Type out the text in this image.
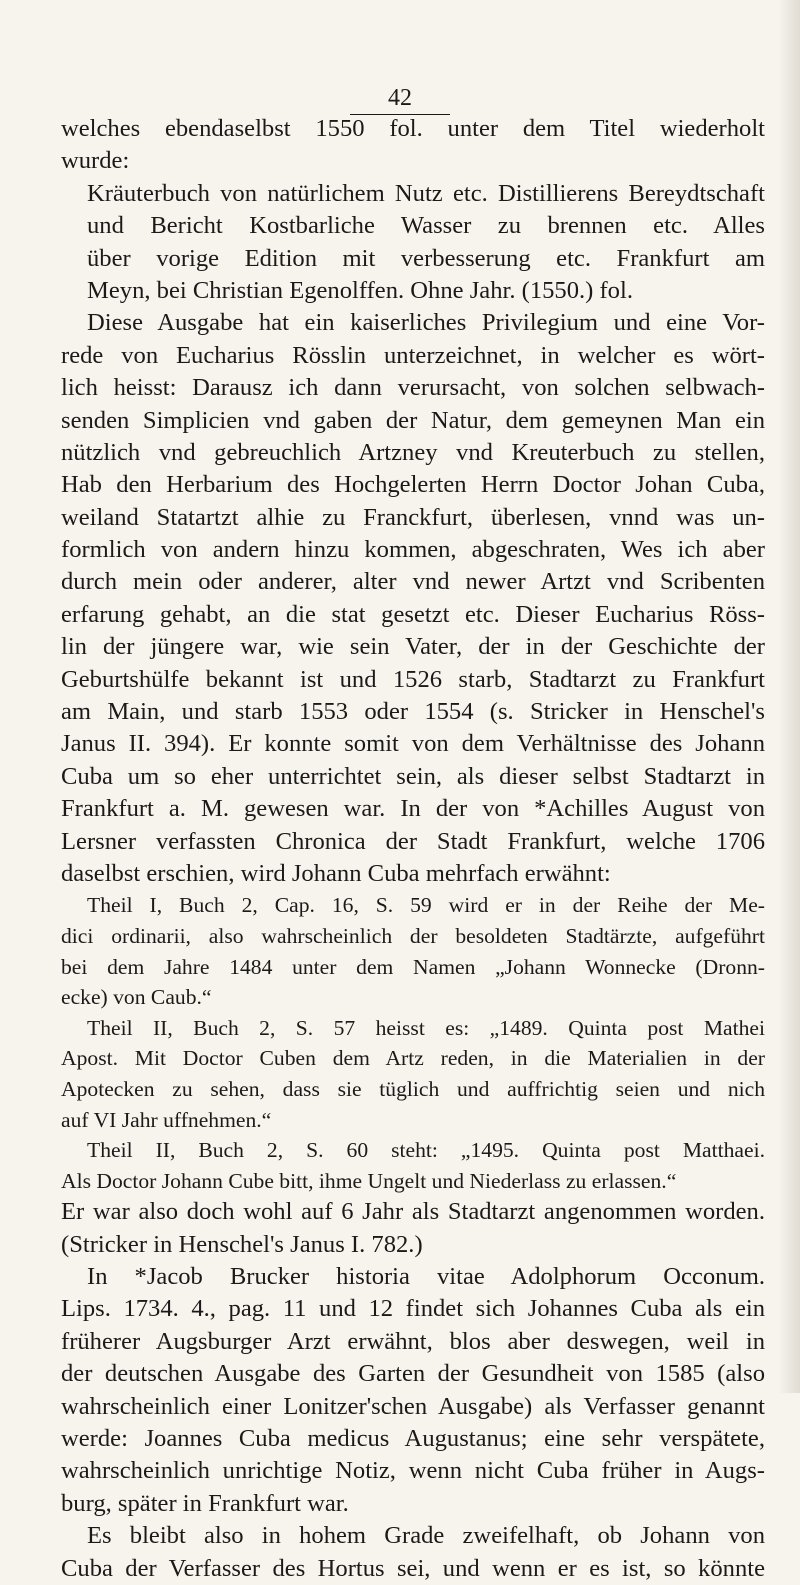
42
welches ebendaselbst 1550 fol. unter dem Titel wiederholt
wurde:
Kräuterbuch von natürlichem Nutz etc. Distillierens Bereydtschaft
und Bericht Kostbarliche Wasser zu brennen etc. Alles
über vorige Edition mit verbesserung etc. Frankfurt am
Meyn, bei Christian Egenolffen. Ohne Jahr. (1550.) fol.
Diese Ausgabe hat ein kaiserliches Privilegium und eine Vor-
rede von Eucharius Rösslin unterzeichnet, in welcher es wört-
lich heisst: Darausz ich dann verursacht, von solchen selbwach-
senden Simplicien vnd gaben der Natur, dem gemeynen Man ein
nützlich vnd gebreuchlich Artzney vnd Kreuterbuch zu stellen,
Hab den Herbarium des Hochgelerten Herrn Doctor Johan Cuba,
weiland Statartzt alhie zu Franckfurt, überlesen, vnnd was un-
formlich von andern hinzu kommen, abgeschraten, Wes ich aber
durch mein oder anderer, alter vnd newer Artzt vnd Scribenten
erfarung gehabt, an die stat gesetzt etc. Dieser Eucharius Röss-
lin der jüngere war, wie sein Vater, der in der Geschichte der
Geburtshülfe bekannt ist und 1526 starb, Stadtarzt zu Frankfurt
am Main, und starb 1553 oder 1554 (s. Stricker in Henschel's
Janus II. 394). Er konnte somit von dem Verhältnisse des Johann
Cuba um so eher unterrichtet sein, als dieser selbst Stadtarzt in
Frankfurt a. M. gewesen war. In der von *Achilles August von
Lersner verfassten Chronica der Stadt Frankfurt, welche 1706
daselbst erschien, wird Johann Cuba mehrfach erwähnt:
Theil I, Buch 2, Cap. 16, S. 59 wird er in der Reihe der Me-
dici ordinarii, also wahrscheinlich der besoldeten Stadtärzte, aufgeführt
bei dem Jahre 1484 unter dem Namen „Johann Wonnecke (Dronn-
ecke) von Caub.“
Theil II, Buch 2, S. 57 heisst es: „1489. Quinta post Mathei
Apost. Mit Doctor Cuben dem Artz reden, in die Materialien in der
Apotecken zu sehen, dass sie tüglich und auffrichtig seien und nich
auf VI Jahr uffnehmen.“
Theil II, Buch 2, S. 60 steht: „1495. Quinta post Matthaei.
Als Doctor Johann Cube bitt, ihme Ungelt und Niederlass zu erlassen.“
Er war also doch wohl auf 6 Jahr als Stadtarzt angenommen worden.
(Stricker in Henschel's Janus I. 782.)
In *Jacob Brucker historia vitae Adolphorum Occonum.
Lips. 1734. 4., pag. 11 und 12 findet sich Johannes Cuba als ein
früherer Augsburger Arzt erwähnt, blos aber deswegen, weil in
der deutschen Ausgabe des Garten der Gesundheit von 1585 (also
wahrscheinlich einer Lonitzer'schen Ausgabe) als Verfasser genannt
werde: Joannes Cuba medicus Augustanus; eine sehr verspätete,
wahrscheinlich unrichtige Notiz, wenn nicht Cuba früher in Augs-
burg, später in Frankfurt war.
Es bleibt also in hohem Grade zweifelhaft, ob Johann von
Cuba der Verfasser des Hortus sei, und wenn er es ist, so könnte
